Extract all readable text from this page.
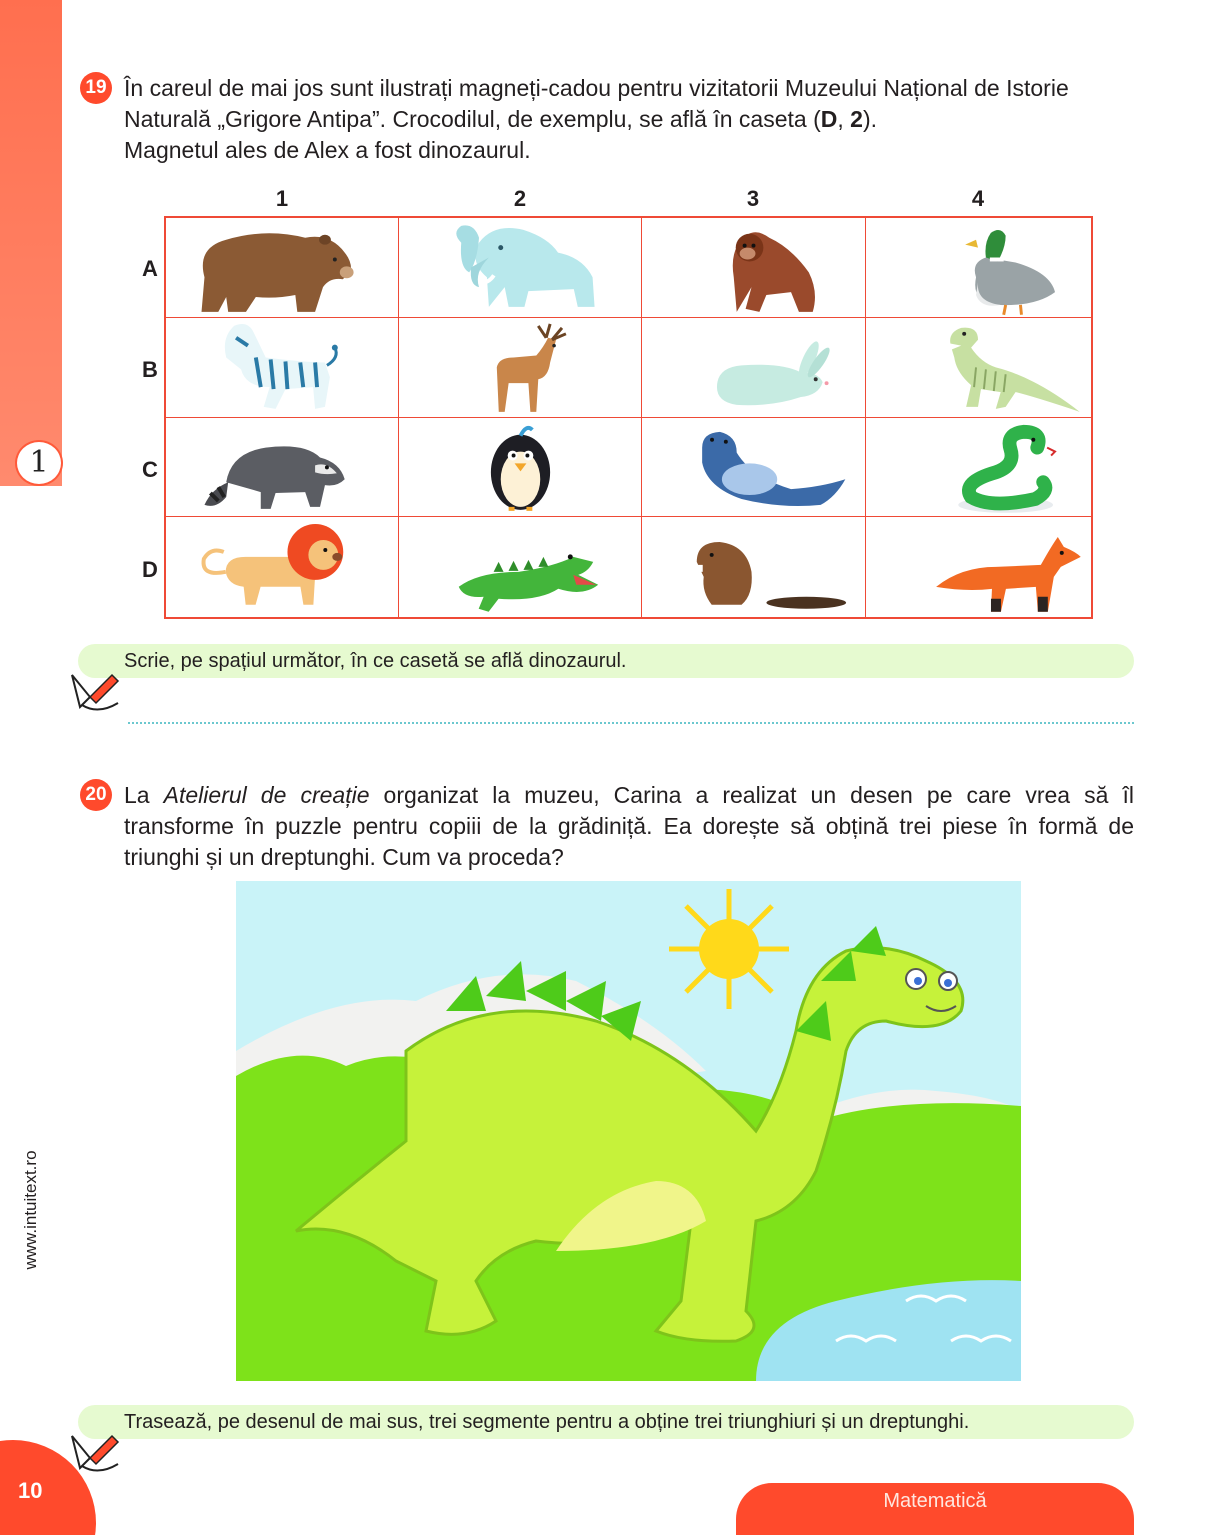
1
www.intuitext.ro
10	Matematică
19 În careul de mai jos sunt ilustrați magneți-cadou pentru vizitatorii Muzeului Național de Istorie

Naturală „Grigore Antipa”. Crocodilul, de exemplu, se află în caseta (D, 2).

Magnetul ales de Alex a fost dinozaurul.

1	2	3	4
A
B
C
D
Scrie, pe spațiul următor, în ce casetă se află dinozaurul.
20 La Atelierul de creație organizat la muzeu, Carina a realizat un desen pe care vrea să îl

transforme în puzzle pentru copiii de la grădiniță. Ea dorește să obțină trei piese în formă de

triunghi și un dreptunghi. Cum va proceda?

Trasează, pe desenul de mai sus, trei segmente pentru a obține trei triunghiuri și un dreptunghi.
